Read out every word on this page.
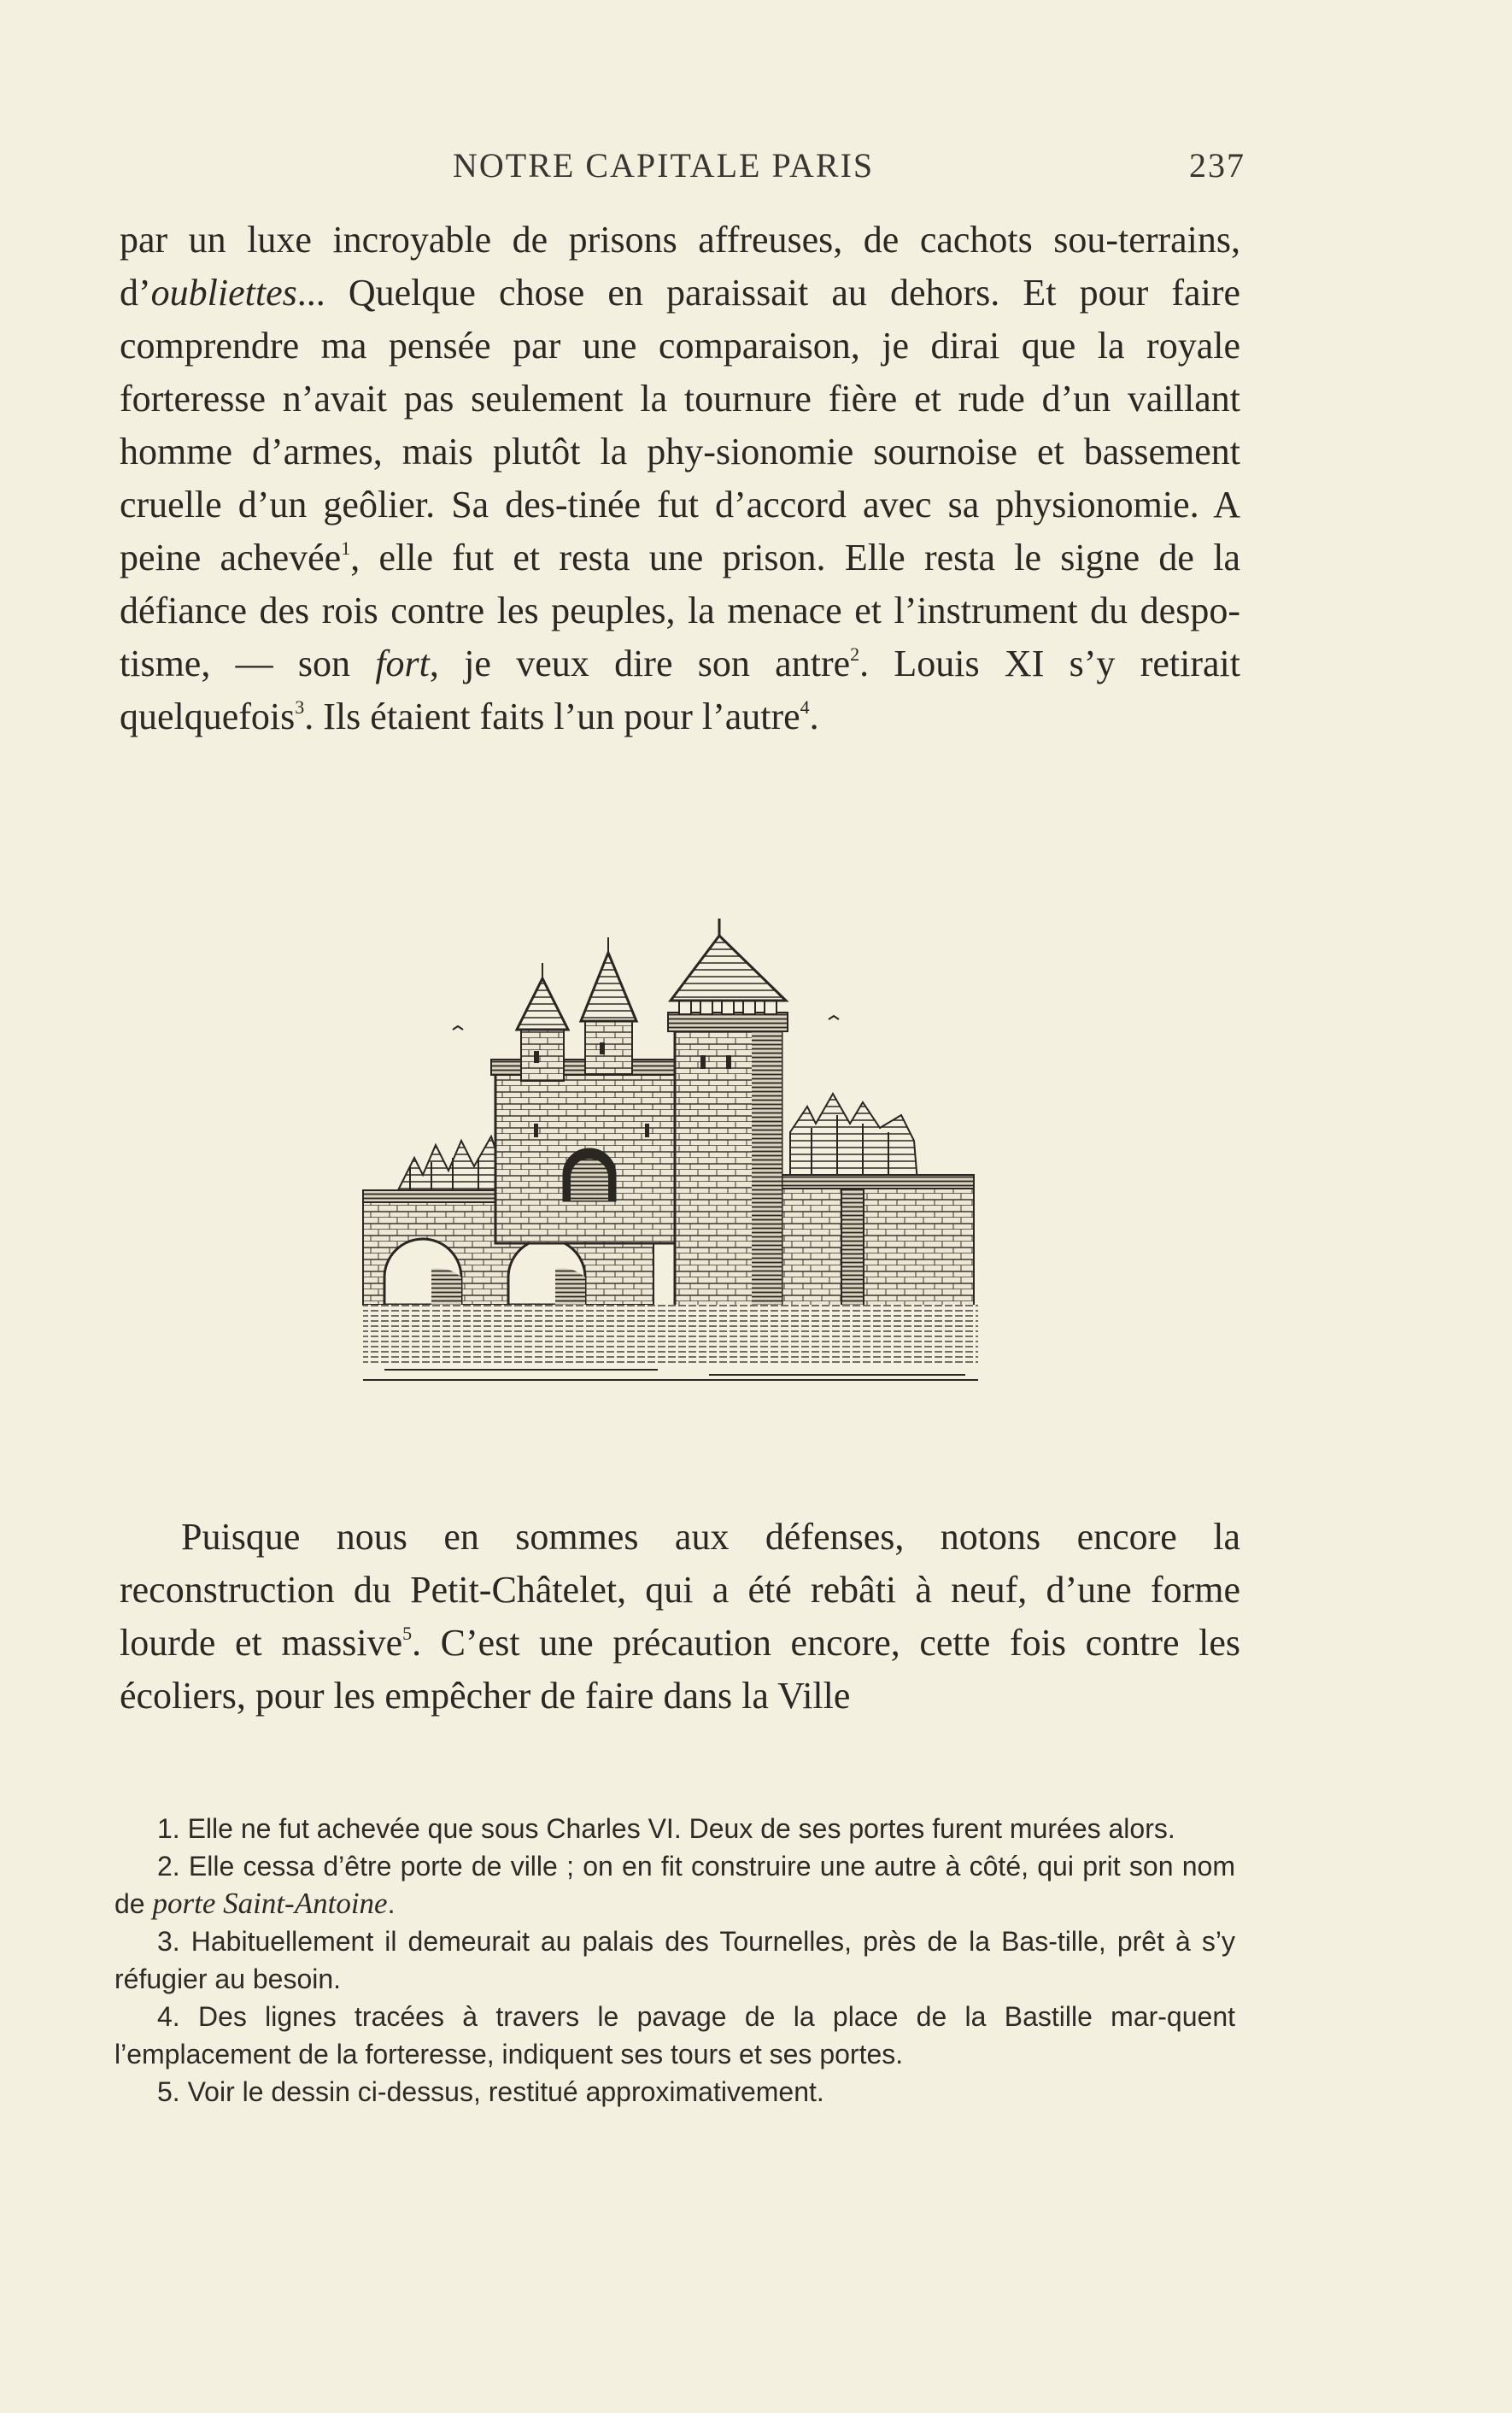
NOTRE CAPITALE PARIS	237

par un luxe incroyable de prisons affreuses, de cachots sou-terrains, d’oubliettes... Quelque chose en paraissait au dehors. Et pour faire comprendre ma pensée par une comparaison, je dirai que la royale forteresse n’avait pas seulement la tournure fière et rude d’un vaillant homme d’armes, mais plutôt la phy-sionomie sournoise et bassement cruelle d’un geôlier. Sa des-tinée fut d’accord avec sa physionomie. A peine achevée$^1$, elle fut et resta une prison. Elle resta le signe de la défiance des rois contre les peuples, la menace et l’instrument du despo-tisme, — son fort, je veux dire son antre$^2$. Louis XI s’y retirait quelquefois$^3$. Ils étaient faits l’un pour l’autre$^4$.

Puisque nous en sommes aux défenses, notons encore la reconstruction du Petit-Châtelet, qui a été rebâti à neuf, d’une forme lourde et massive$^5$. C’est une précaution encore, cette fois contre les écoliers, pour les empêcher de faire dans la Ville

1. Elle ne fut achevée que sous Charles VI. Deux de ses portes furent murées alors.

2. Elle cessa d’être porte de ville ; on en fit construire une autre à côté, qui prit son nom de porte Saint-Antoine.

3. Habituellement il demeurait au palais des Tournelles, près de la Bas-tille, prêt à s’y réfugier au besoin.

4. Des lignes tracées à travers le pavage de la place de la Bastille mar-quent l’emplacement de la forteresse, indiquent ses tours et ses portes.

5. Voir le dessin ci-dessus, restitué approximativement.
